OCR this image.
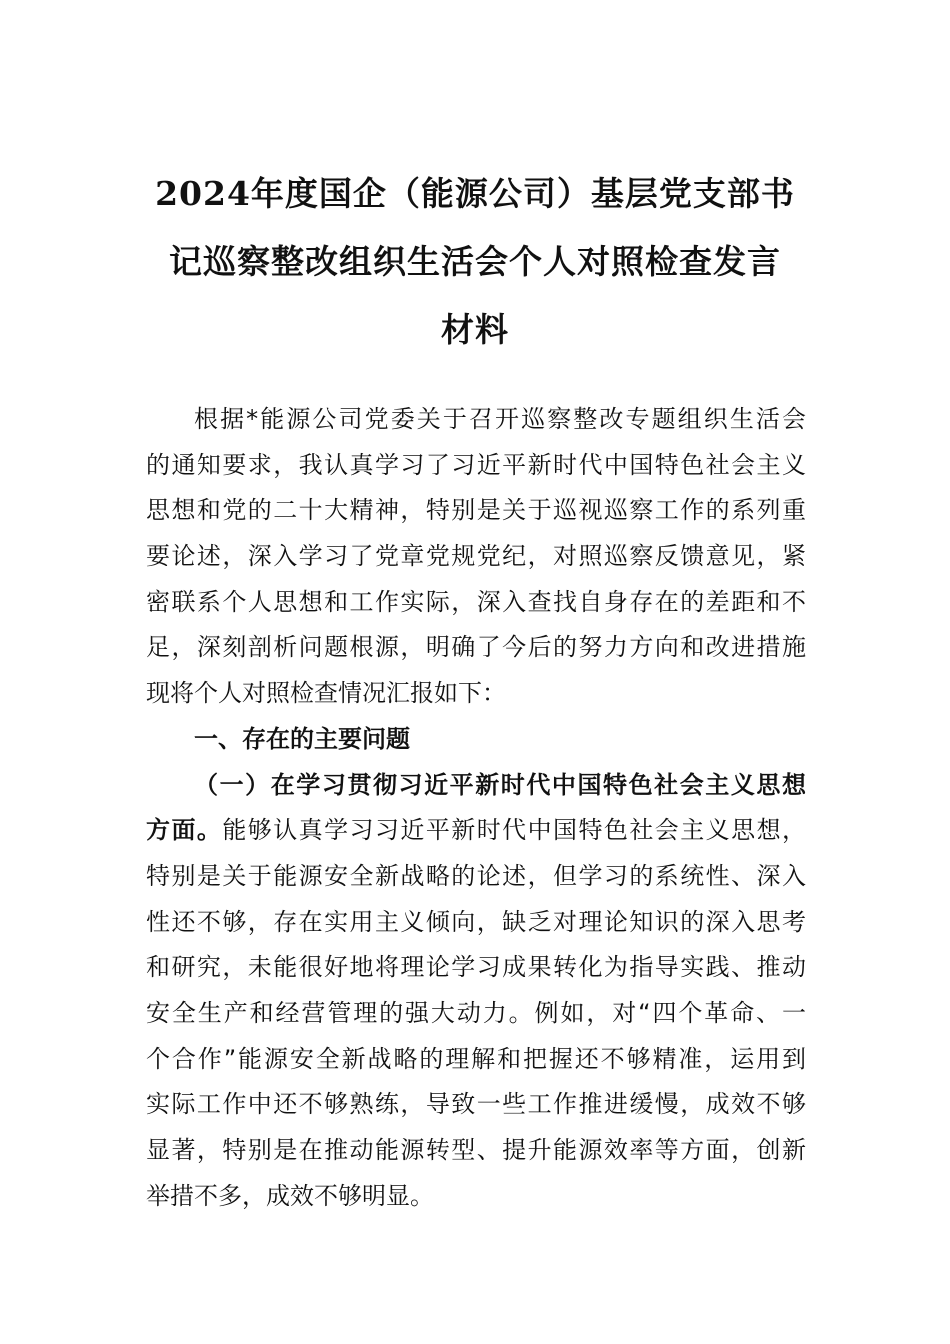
2024年度国企（能源公司）基层党支部书
记巡察整改组织生活会个人对照检查发言
材料
根据*能源公司党委关于召开巡察整改专题组织生活会
的通知要求，我认真学习了习近平新时代中国特色社会主义
思想和党的二十大精神，特别是关于巡视巡察工作的系列重
要论述，深入学习了党章党规党纪，对照巡察反馈意见，紧
密联系个人思想和工作实际，深入查找自身存在的差距和不
足，深刻剖析问题根源，明确了今后的努力方向和改进措施
现将个人对照检查情况汇报如下：
一、存在的主要问题
（一）在学习贯彻习近平新时代中国特色社会主义思想
方面。能够认真学习习近平新时代中国特色社会主义思想，
特别是关于能源安全新战略的论述，但学习的系统性、深入
性还不够，存在实用主义倾向，缺乏对理论知识的深入思考
和研究，未能很好地将理论学习成果转化为指导实践、推动
安全生产和经营管理的强大动力。例如，对“四个革命、一
个合作”能源安全新战略的理解和把握还不够精准，运用到
实际工作中还不够熟练，导致一些工作推进缓慢，成效不够
显著，特别是在推动能源转型、提升能源效率等方面，创新
举措不多，成效不够明显。
